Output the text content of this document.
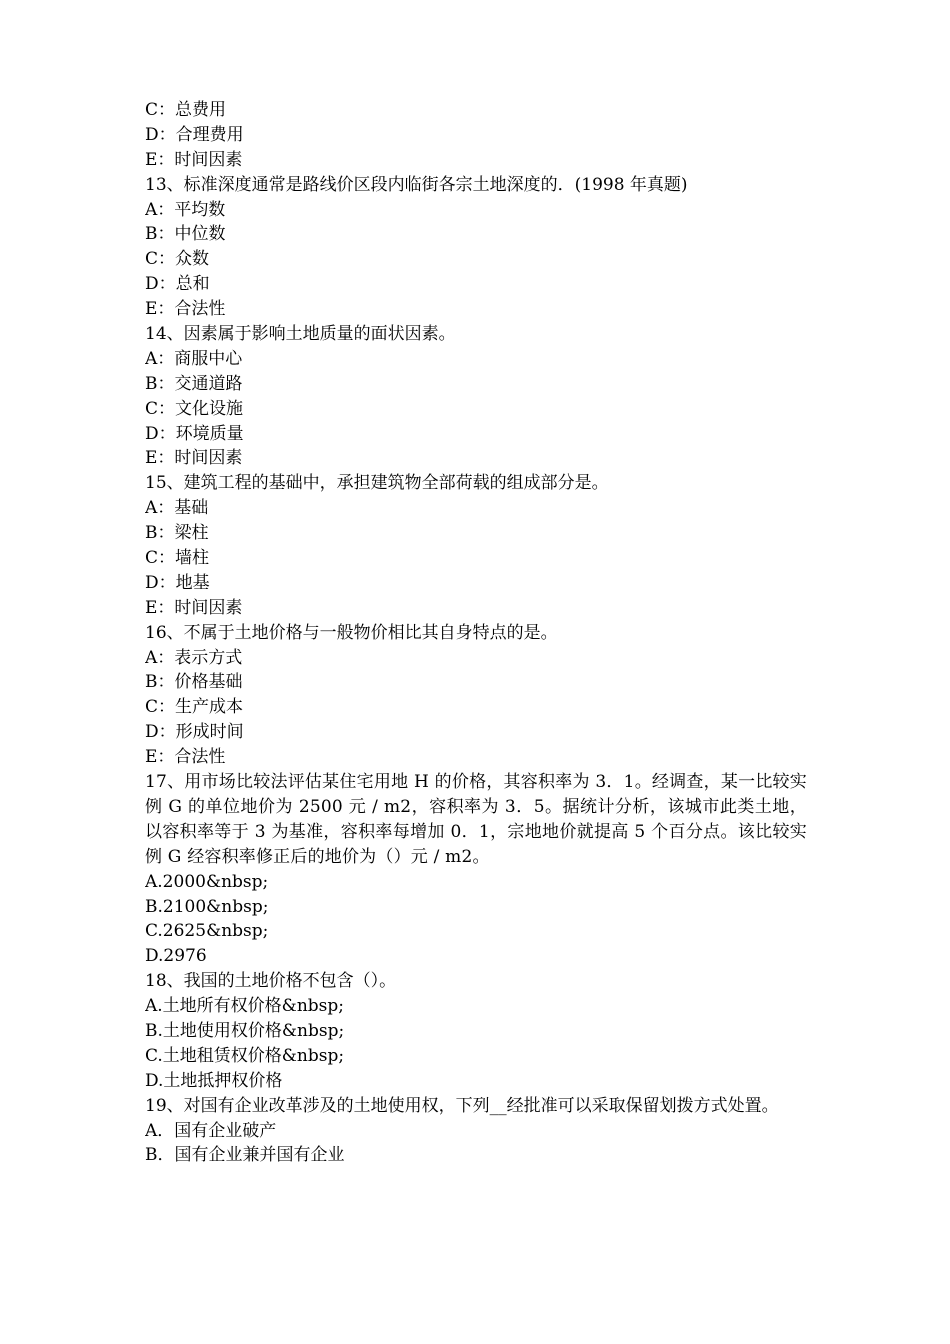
C：总费用
D：合理费用
E：时间因素
13、标准深度通常是路线价区段内临街各宗土地深度的．(1998 年真题)
A：平均数
B：中位数
C：众数
D：总和
E：合法性
14、因素属于影响土地质量的面状因素。
A：商服中心
B：交通道路
C：文化设施
D：环境质量
E：时间因素
15、建筑工程的基础中，承担建筑物全部荷载的组成部分是。
A：基础
B：梁柱
C：墙柱
D：地基
E：时间因素
16、不属于土地价格与一般物价相比其自身特点的是。
A：表示方式
B：价格基础
C：生产成本
D：形成时间
E：合法性
17、用市场比较法评估某住宅用地 H 的价格，其容积率为 3．1。经调查，某一比较实例 G 的单位地价为 2500 元 / m2，容积率为 3．5。据统计分析，该城市此类土地，以容积率等于 3 为基准，容积率每增加 0．1，宗地地价就提高 5 个百分点。该比较实例 G 经容积率修正后的地价为（）元 / m2。
A.2000&nbsp;
B.2100&nbsp;
C.2625&nbsp;
D.2976
18、我国的土地价格不包含（）。
A.土地所有权价格&nbsp;
B.土地使用权价格&nbsp;
C.土地租赁权价格&nbsp;
D.土地抵押权价格
19、对国有企业改革涉及的土地使用权，下列__经批准可以采取保留划拨方式处置。
A．国有企业破产
B．国有企业兼并国有企业
